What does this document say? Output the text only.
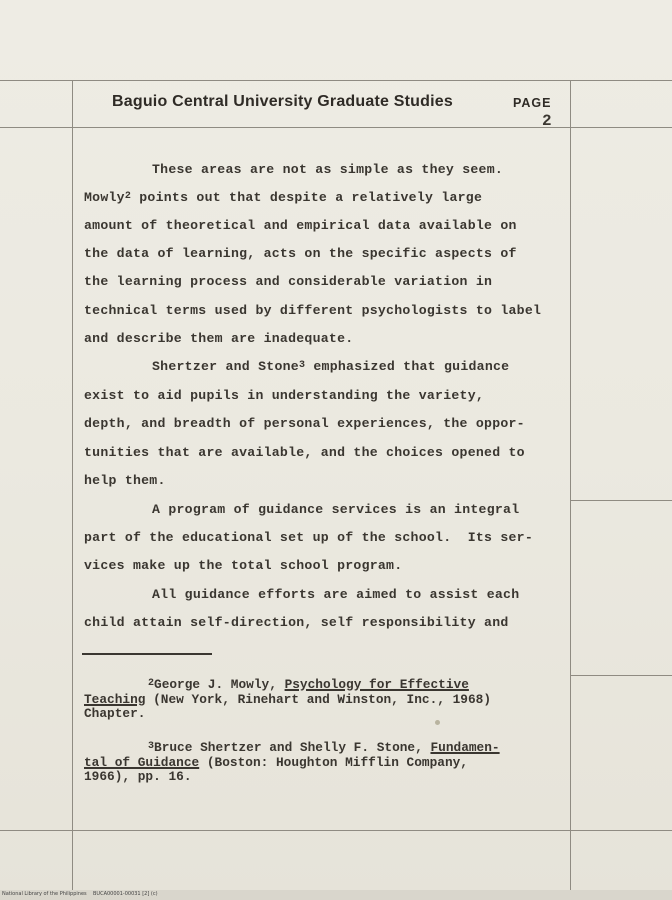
Baguio Central University Graduate Studies	PAGE
2
These areas are not as simple as they seem.
Mowly$^2$ points out that despite a relatively large
amount of theoretical and empirical data available on
the data of learning, acts on the specific aspects of
the learning process and considerable variation in
technical terms used by different psychologists to label
and describe them are inadequate.
Shertzer and Stone$^3$ emphasized that guidance
exist to aid pupils in understanding the variety,
depth, and breadth of personal experiences, the oppor-
tunities that are available, and the choices opened to
help them.
A program of guidance services is an integral
part of the educational set up of the school.  Its ser-
vices make up the total school program.
All guidance efforts are aimed to assist each
child attain self-direction, self responsibility and
$^2$George J. Mowly, Psychology for Effective
Teaching (New York, Rinehart and Winston, Inc., 1968)
Chapter.
$^3$Bruce Shertzer and Shelly F. Stone, Fundamen-
tal of Guidance (Boston: Houghton Mifflin Company,
1966), pp. 16.
National Library of the Philippines    BUCA00001-00031 [2] (c)
